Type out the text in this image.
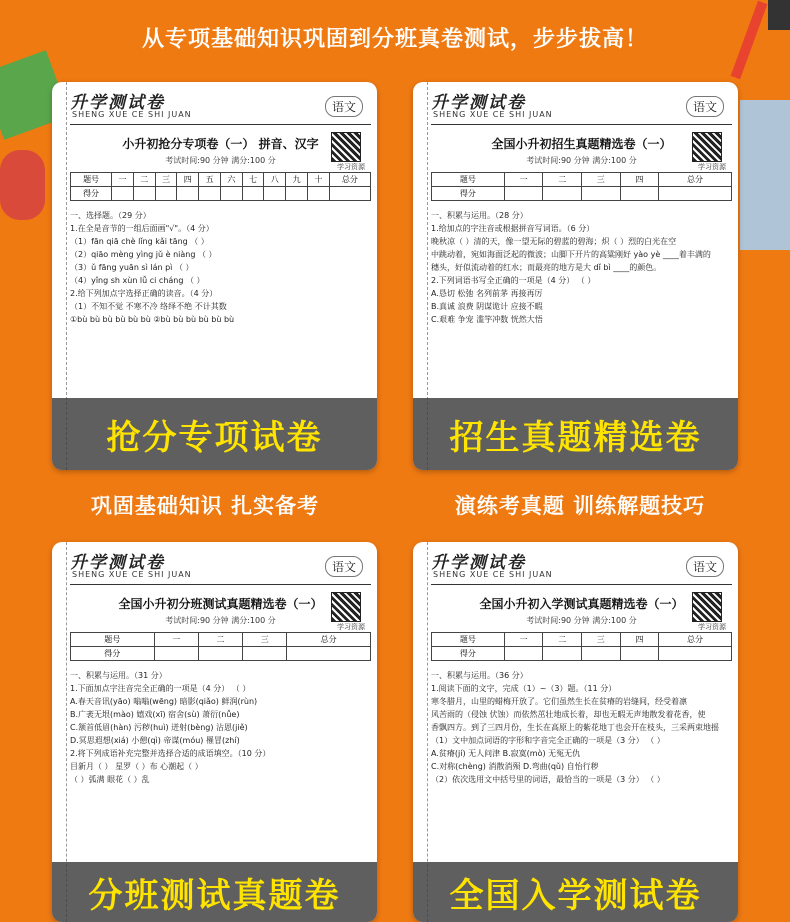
从专项基础知识巩固到分班真卷测试，步步拔高！
升学测试卷
SHENG XUE CE SHI JUAN
语文
小升初抢分专项卷（一） 拼音、汉字
考试时间:90 分钟 满分:100 分
学习资源
题号	一	二	三	四	五	六	七	八	九	十	总分
得分											
一、选择题。（29 分）
1.在全是音节的一组后面画"√"。（4 分）
（1）fān qiā chè lǐng kǎi tāng （ ）
（2）qiāo mèng yìng jǔ è niàng （ ）
（3）ǔ fāng yuān sì lán pì （ ）
（4）yǐng sh xùn lǚ ci cháng （ ）
2.给下列加点字选择正确的读音。（4 分）
（1）不知不觉 不寒不冷 络绎不绝 不计其数
①bù bù bù bù bù bù ②bù bù bù bù bù bù
抢分专项试卷
升学测试卷
SHENG XUE CE SHI JUAN
语文
全国小升初招生真题精选卷（一）
考试时间:90 分钟 满分:100 分
学习资源
题号	一	二	三	四	总分
得分					
一、积累与运用。（28 分）
1.给加点的字注音或根据拼音写词语。（6 分）
晚秋凉（ ）清的天，像一望无际的碧蓝的碧海；炽（ ）烈的白光在空
中跳动着，宛如海面泛起的微波；山脚下开片的高粱刚好 yào yè ____着丰满的
穗头，好似流动着的红水；而最亮的地方是大 dǐ bì ____的颜色。
2.下列词语书写全正确的一项是（4 分） （ ）
A.恳切 松弛 名列前茅 再接再厉
B.真诚 浪费 阴谋诡计 应接不暇
C.艰难 争宠 滥竽冲数 恍然大悟
招生真题精选卷
巩固基础知识 扎实备考	演练考真题 训练解题技巧
升学测试卷
SHENG XUE CE SHI JUAN
语文
全国小升初分班测试真题精选卷（一）
考试时间:90 分钟 满分:100 分
学习资源
题号	一	二	三	总分
得分				
一、积累与运用。（31 分）
1.下面加点字注音完全正确的一项是（4 分） （ ）
A.春天音讯(yāo) 嗡嗡(wēng) 暗影(qiǎo) 鲜润(rùn)
B.广袤无垠(mào) 嬉戏(xī) 宿舍(sù) 萧衍(nǚe)
C.颔首低眉(hàn) 污秽(huì) 迸射(bèng) 沾恩(jiě)
D.冥思遐想(xiá) 小憩(qì) 帝谋(móu) 罹冒(zhí)
2.将下列成语补充完整并选择合适的成语填空。（10 分）
目新月（ ） 星罗（ ）布 心潮起（ ）
（ ）弧满 眼花（ ）乱
分班测试真题卷
升学测试卷
SHENG XUE CE SHI JUAN
语文
全国小升初入学测试真题精选卷（一）
考试时间:90 分钟 满分:100 分
学习资源
题号	一	二	三	四	总分
得分					
一、积累与运用。（36 分）
1.阅读下面的文字，完成（1）~（3）题。（11 分）
寒冬腊月，山里的蜡梅开放了。它们虽然生长在贫瘠的岩缝间，经受着凛
风苦雨的（侵蚀 伏蚀）而依然茁壮地成长着，却也无暇无声地散发着花香，使
香飘四方。到了三四月份，生长在高原上的紫花地丁也会开在枝头，三采两束地摇
（1）文中加点词语的字形和字音完全正确的一项是（3 分） （ ）
A.贫瘠(jí) 无人问津 B.寂寞(mò) 无冤无仇
C.对称(chèng) 消散消殒 D.弯曲(qǔ) 自怡行秽
（2）依次选用文中括号里的词语，最恰当的一项是（3 分） （ ）
全国入学测试卷
